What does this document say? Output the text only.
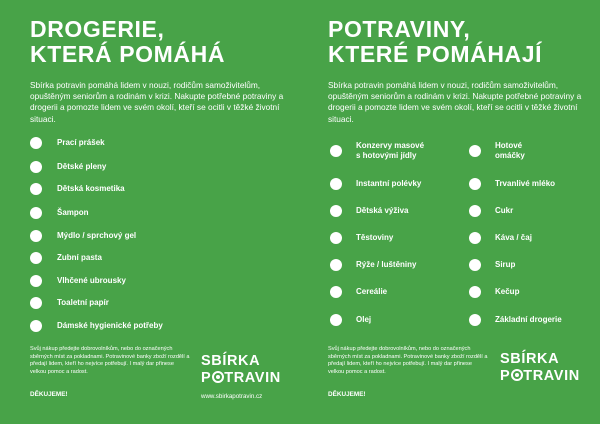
DROGERIE,
KTERÁ POMÁHÁ

Sbírka potravin pomáhá lidem v nouzi, rodičům samoživitelům, opuštěným seniorům a rodinám v krizi. Nakupte potřebné potraviny a drogerii a pomozte lidem ve svém okolí, kteří se ocitli v těžké životní situaci.

Prací prášek
Dětské pleny
Dětská kosmetika
Šampon
Mýdlo / sprchový gel
Zubní pasta
Vlhčené ubrousky
Toaletní papír
Dámské hygienické potřeby

Svůj nákup předejte dobrovolníkům, nebo do označených sběrných míst za pokladnami. Potravinové banky zboží rozdělí a předají lidem, kteří ho nejvíce potřebují. I malý dar přinese velkou pomoc a radost.

DĚKUJEME!

SBÍRKA
P TRAVIN

www.sbirkapotravin.cz

POTRAVINY,
KTERÉ POMÁHAJÍ

Sbírka potravin pomáhá lidem v nouzi, rodičům samoživitelům, opuštěným seniorům a rodinám v krizi. Nakupte potřebné potraviny a drogerii a pomozte lidem ve svém okolí, kteří se ocitli v těžké životní situaci.

Konzervy masové
s hotovými jídly
Instantní polévky
Dětská výživa
Těstoviny
Rýže / luštěniny
Cereálie
Olej
Hotové
omáčky
Trvanlivé mléko
Cukr
Káva / čaj
Sirup
Kečup
Základní drogerie

Svůj nákup předejte dobrovolníkům, nebo do označených sběrných míst za pokladnami. Potravinové banky zboží rozdělí a předají lidem, kteří ho nejvíce potřebují. I malý dar přinese velkou pomoc a radost.

DĚKUJEME!

SBÍRKA
P TRAVIN
